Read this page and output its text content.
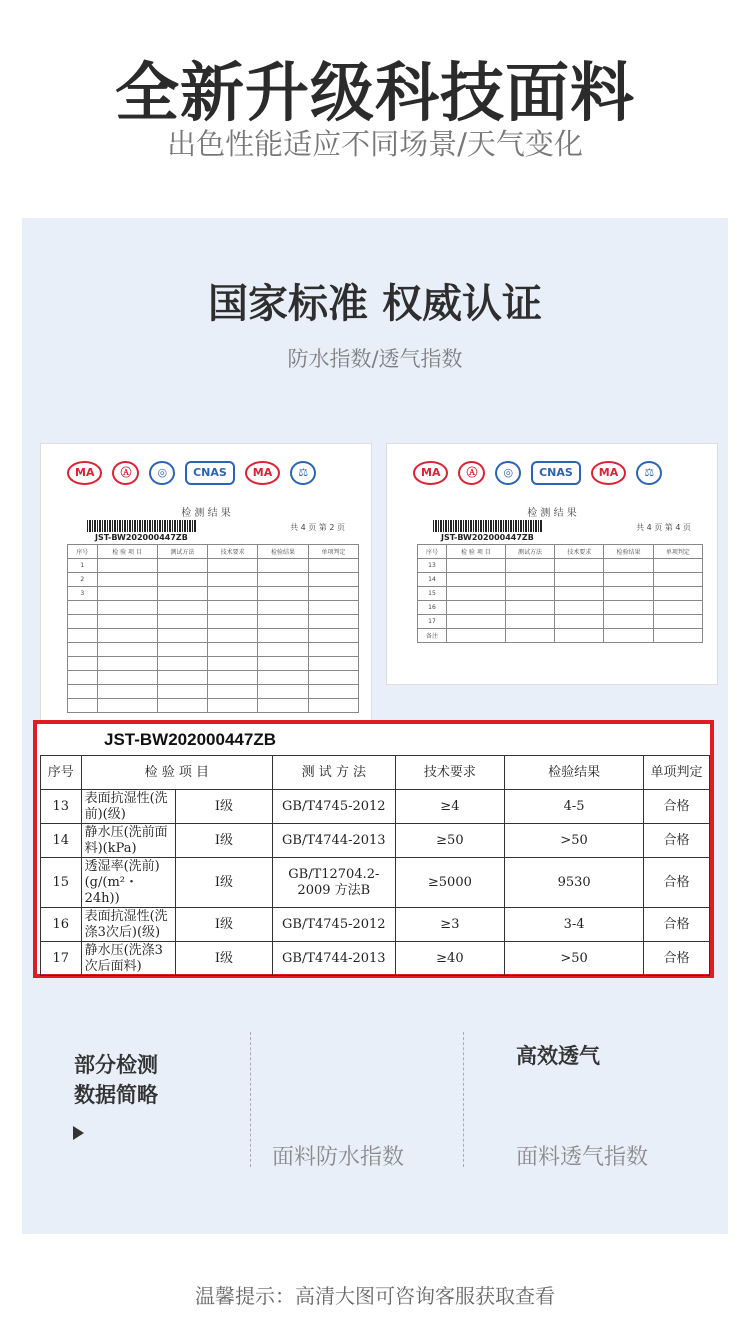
全新升级科技面料
出色性能适应不同场景/天气变化
国家标准 权威认证
防水指数/透气指数
MA	Ⓐ	◎	CNAS	MA	⚖
检 测 结 果
JST-BW202000447ZB
共 4 页 第 2 页
序号	检 验 项 目	测试方法	技术要求	检验结果	单项判定
1					
2					
3					

MA	Ⓐ	◎	CNAS	MA	⚖
检 测 结 果
JST-BW202000447ZB
共 4 页 第 4 页
序号	检 验 项 目	测试方法	技术要求	检验结果	单项判定
13					
14					
15					
16					
17					
备注					
JST-BW202000447ZB
序号	检 验 项 目		测 试 方 法	技术要求	检验结果	单项判定
13	表面抗湿性(洗前)(级)	Ⅰ级	GB/T4745-2012	≥4	4-5	合格
14	静水压(洗前面料)(kPa)	Ⅰ级	GB/T4744-2013	≥50	>50	合格
15	透湿率(洗前)(g/(m²・24h))	Ⅰ级	GB/T12704.2-2009 方法B	≥5000	9530	合格
16	表面抗湿性(洗涤3次后)(级)	Ⅰ级	GB/T4745-2012	≥3	3-4	合格
17	静水压(洗涤3次后面料)	Ⅰ级	GB/T4744-2013	≥40	>50	合格
部分检测
数据简略
高效透气
面料防水指数	面料透气指数
温馨提示：高清大图可咨询客服获取查看
